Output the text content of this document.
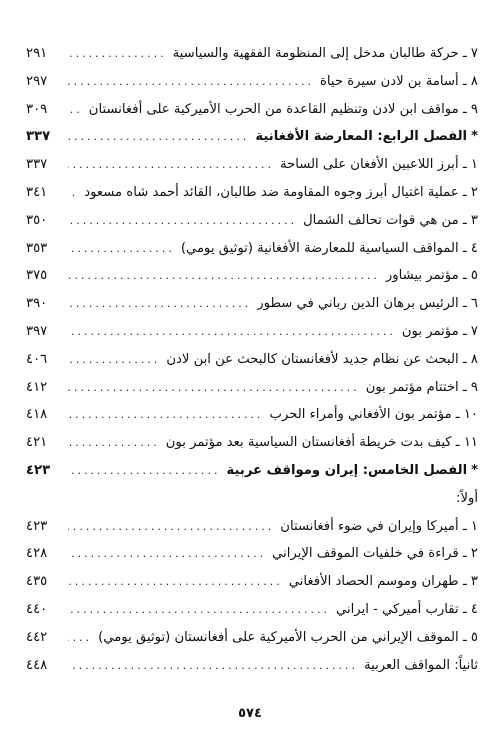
٧ ـ حركة طالبان مدخل إلى المنظومة الفقهية والسياسية
.....
٢٩١
٨ ـ أسامة بن لادن سيرة حياة
.....
٢٩٧
٩ ـ مواقف ابن لادن وتنظيم القاعدة من الحرب الأميركية على أفغانستان
.....
٣٠٩
*الفصل الرابع: المعارضة الأفغانية
.....
٣٣٧
١ ـ أبرز اللاعبين الأفغان على الساحة
.....
٣٣٧
٢ ـ عملية اغتيال أبرز وجوه المقاومة ضد طالبان، القائد أحمد شاه مسعود
.....
٣٤١
٣ ـ من هي قوات تحالف الشمال
.....
٣٥٠
٤ ـ المواقف السياسية للمعارضة الأفغانية (توثيق يومي)
.....
٣٥٣
٥ ـ مؤتمر بيشاور
.....
٣٧٥
٦ ـ الرئيس برهان الدين رباني في سطور
.....
٣٩٠
٧ ـ مؤتمر بون
.....
٣٩٧
٨ ـ البحث عن نظام جديد لأفغانستان كالبحث عن ابن لادن
.....
٤٠٦
٩ ـ اختتام مؤتمر بون
.....
٤١٢
١٠ ـ مؤتمر بون الأفغاني وأمراء الحرب
.....
٤١٨
١١ ـ كيف بدت خريطة أفغانستان السياسية بعد مؤتمر بون
.....
٤٢١
*الفصل الخامس: إيران ومواقف عربية
.....
٤٢٣
أولاً:
١ ـ أميركا وإيران في ضوء أفغانستان
.....
٤٢٣
٢ ـ قراءة في خلفيات الموقف الإيراني
.....
٤٢٨
٣ ـ طهران وموسم الحصاد الأفغاني
.....
٤٣٥
٤ ـ تقارب أميركي - ايراني
.....
٤٤٠
٥ ـ الموقف الإيراني من الحرب الأميركية على أفغانستان (توثيق يومي)
.....
٤٤٢
ثانياً: المواقف العربية
.....
٤٤٨
٥٧٤
